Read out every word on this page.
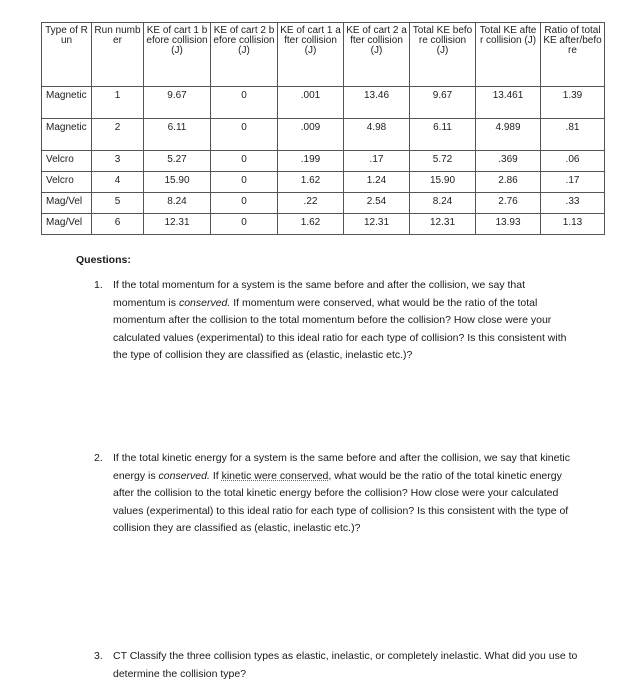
Type of Run	Run number	KE of cart 1 before collision (J)	KE of cart 2 before collision (J)	KE of cart 1 after collision (J)	KE of cart 2 after collision (J)	Total KE before collision (J)	Total KE after collision (J)	Ratio of total KE after/before
Magnetic	1	9.67	0	.001	13.46	9.67	13.461	1.39
Magnetic	2	6.11	0	.009	4.98	6.11	4.989	.81
Velcro	3	5.27	0	.199	.17	5.72	.369	.06
Velcro	4	15.90	0	1.62	1.24	15.90	2.86	.17
Mag/Vel	5	8.24	0	.22	2.54	8.24	2.76	.33
Mag/Vel	6	12.31	0	1.62	12.31	12.31	13.93	1.13

Questions:

1. If the total momentum for a system is the same before and after the collision, we say that momentum is conserved. If momentum were conserved, what would be the ratio of the total momentum after the collision to the total momentum before the collision? How close were your calculated values (experimental) to this ideal ratio for each type of collision? Is this consistent with the type of collision they are classified as (elastic, inelastic etc.)?
2. If the total kinetic energy for a system is the same before and after the collision, we say that kinetic energy is conserved. If kinetic were conserved, what would be the ratio of the total kinetic energy after the collision to the total kinetic energy before the collision? How close were your calculated values (experimental) to this ideal ratio for each type of collision? Is this consistent with the type of collision they are classified as (elastic, inelastic etc.)?
3. CT Classify the three collision types as elastic, inelastic, or completely inelastic. What did you use to determine the collision type?
